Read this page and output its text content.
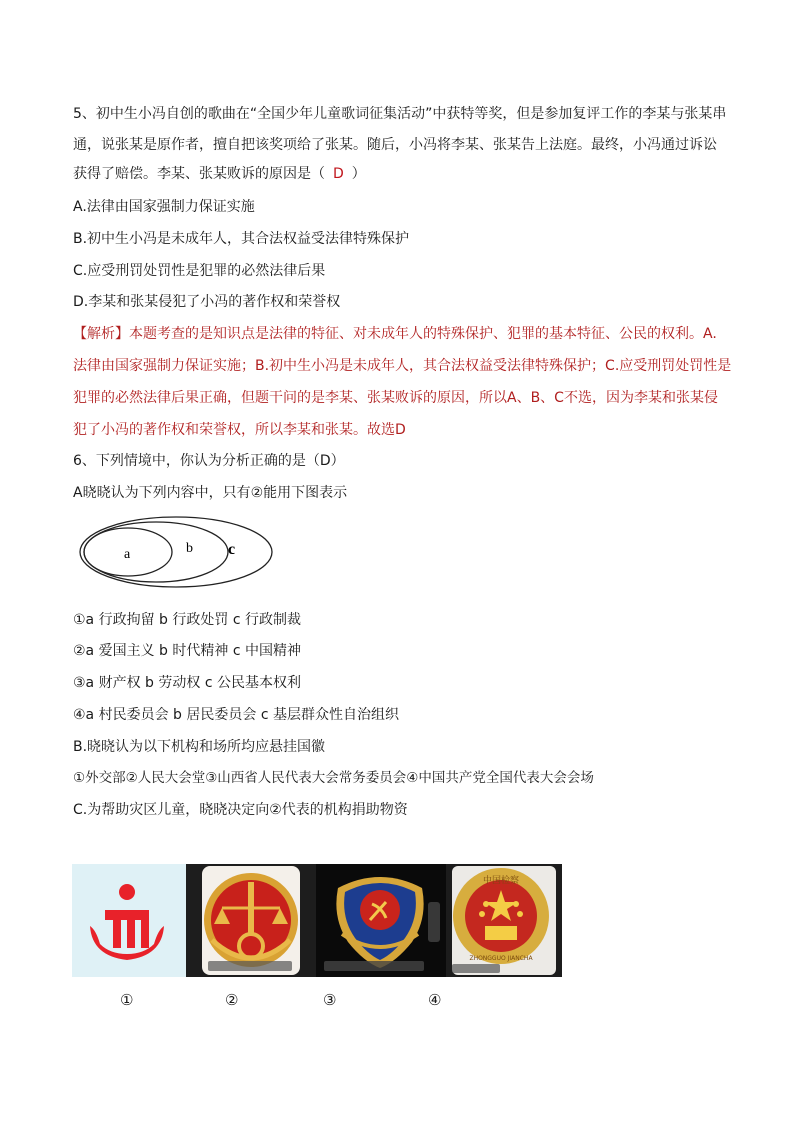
5、初中生小冯自创的歌曲在“全国少年儿童歌词征集活动”中获特等奖，但是参加复评工作的李某与张某串
通，说张某是原作者，擅自把该奖项给了张某。随后，小冯将李某、张某告上法庭。最终，小冯通过诉讼
获得了赔偿。李某、张某败诉的原因是（ D ）
A.法律由国家强制力保证实施
B.初中生小冯是未成年人，其合法权益受法律特殊保护
C.应受刑罚处罚性是犯罪的必然法律后果
D.李某和张某侵犯了小冯的著作权和荣誉权
【解析】本题考查的是知识点是法律的特征、对未成年人的特殊保护、犯罪的基本特征、公民的权利。A.
法律由国家强制力保证实施；B.初中生小冯是未成年人，其合法权益受法律特殊保护；C.应受刑罚处罚性是
犯罪的必然法律后果正确，但题干问的是李某、张某败诉的原因，所以A、B、C不选，因为李某和张某侵
犯了小冯的著作权和荣誉权，所以李某和张某。故选D
6、下列情境中，你认为分析正确的是（D）
A晓晓认为下列内容中，只有②能用下图表示
a	b c
①a 行政拘留 b 行政处罚 c 行政制裁
②a 爱国主义 b 时代精神 c 中国精神
③a 财产权 b 劳动权 c 公民基本权利
④a 村民委员会 b 居民委员会 c 基层群众性自治组织
B.晓晓认为以下机构和场所均应悬挂国徽
①外交部②人民大会堂③山西省人民代表大会常务委员会④中国共产党全国代表大会会场
C.为帮助灾区儿童，晓晓决定向②代表的机构捐助物资
中国检察
ZHONGGUO JIANCHA
①	②	③	④
